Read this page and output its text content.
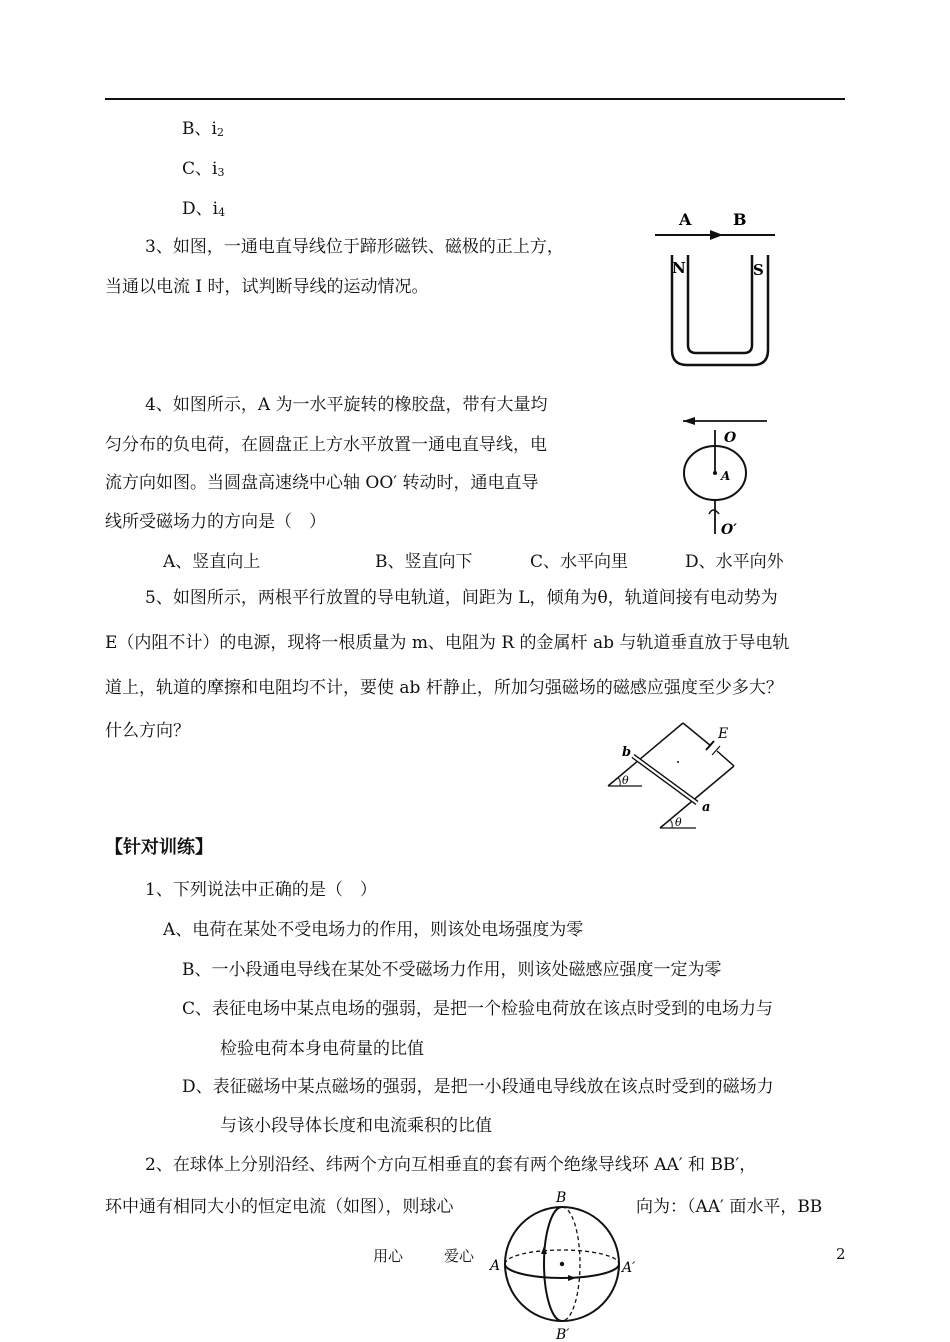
B、$i_2$
C、$i_3$
D、$i_4$
3、如图，一通电直导线位于蹄形磁铁、磁极的正上方，
当通以电流 I 时，试判断导线的运动情况。
A	B
N	S
4、如图所示，A 为一水平旋转的橡胶盘，带有大量均
匀分布的负电荷，在圆盘正上方水平放置一通电直导线，电
流方向如图。当圆盘高速绕中心轴 OO′ 转动时，通电直导
线所受磁场力的方向是（　）
O
A
O′
A、竖直向上	B、竖直向下	C、水平向里	D、水平向外
5、如图所示，两根平行放置的导电轨道，间距为 L，倾角为θ，轨道间接有电动势为
E（内阻不计）的电源，现将一根质量为 m、电阻为 R 的金属杆 ab 与轨道垂直放于导电轨
道上，轨道的摩擦和电阻均不计，要使 ab 杆静止，所加匀强磁场的磁感应强度至少多大？
什么方向？
b
E
a
θ
θ
【针对训练】
1、下列说法中正确的是（　）
A、电荷在某处不受电场力的作用，则该处电场强度为零
B、一小段通电导线在某处不受磁场力作用，则该处磁感应强度一定为零
C、表征电场中某点电场的强弱，是把一个检验电荷放在该点时受到的电场力与
检验电荷本身电荷量的比值
D、表征磁场中某点磁场的强弱，是把一小段通电导线放在该点时受到的磁场力
与该小段导体长度和电流乘积的比值
2、在球体上分别沿经、纬两个方向互相垂直的套有两个绝缘导线环 AA′ 和 BB′，
环中通有相同大小的恒定电流（如图），则球心	向为：（AA′ 面水平，BB
用心	爱心	2
B
A	A′
B′
